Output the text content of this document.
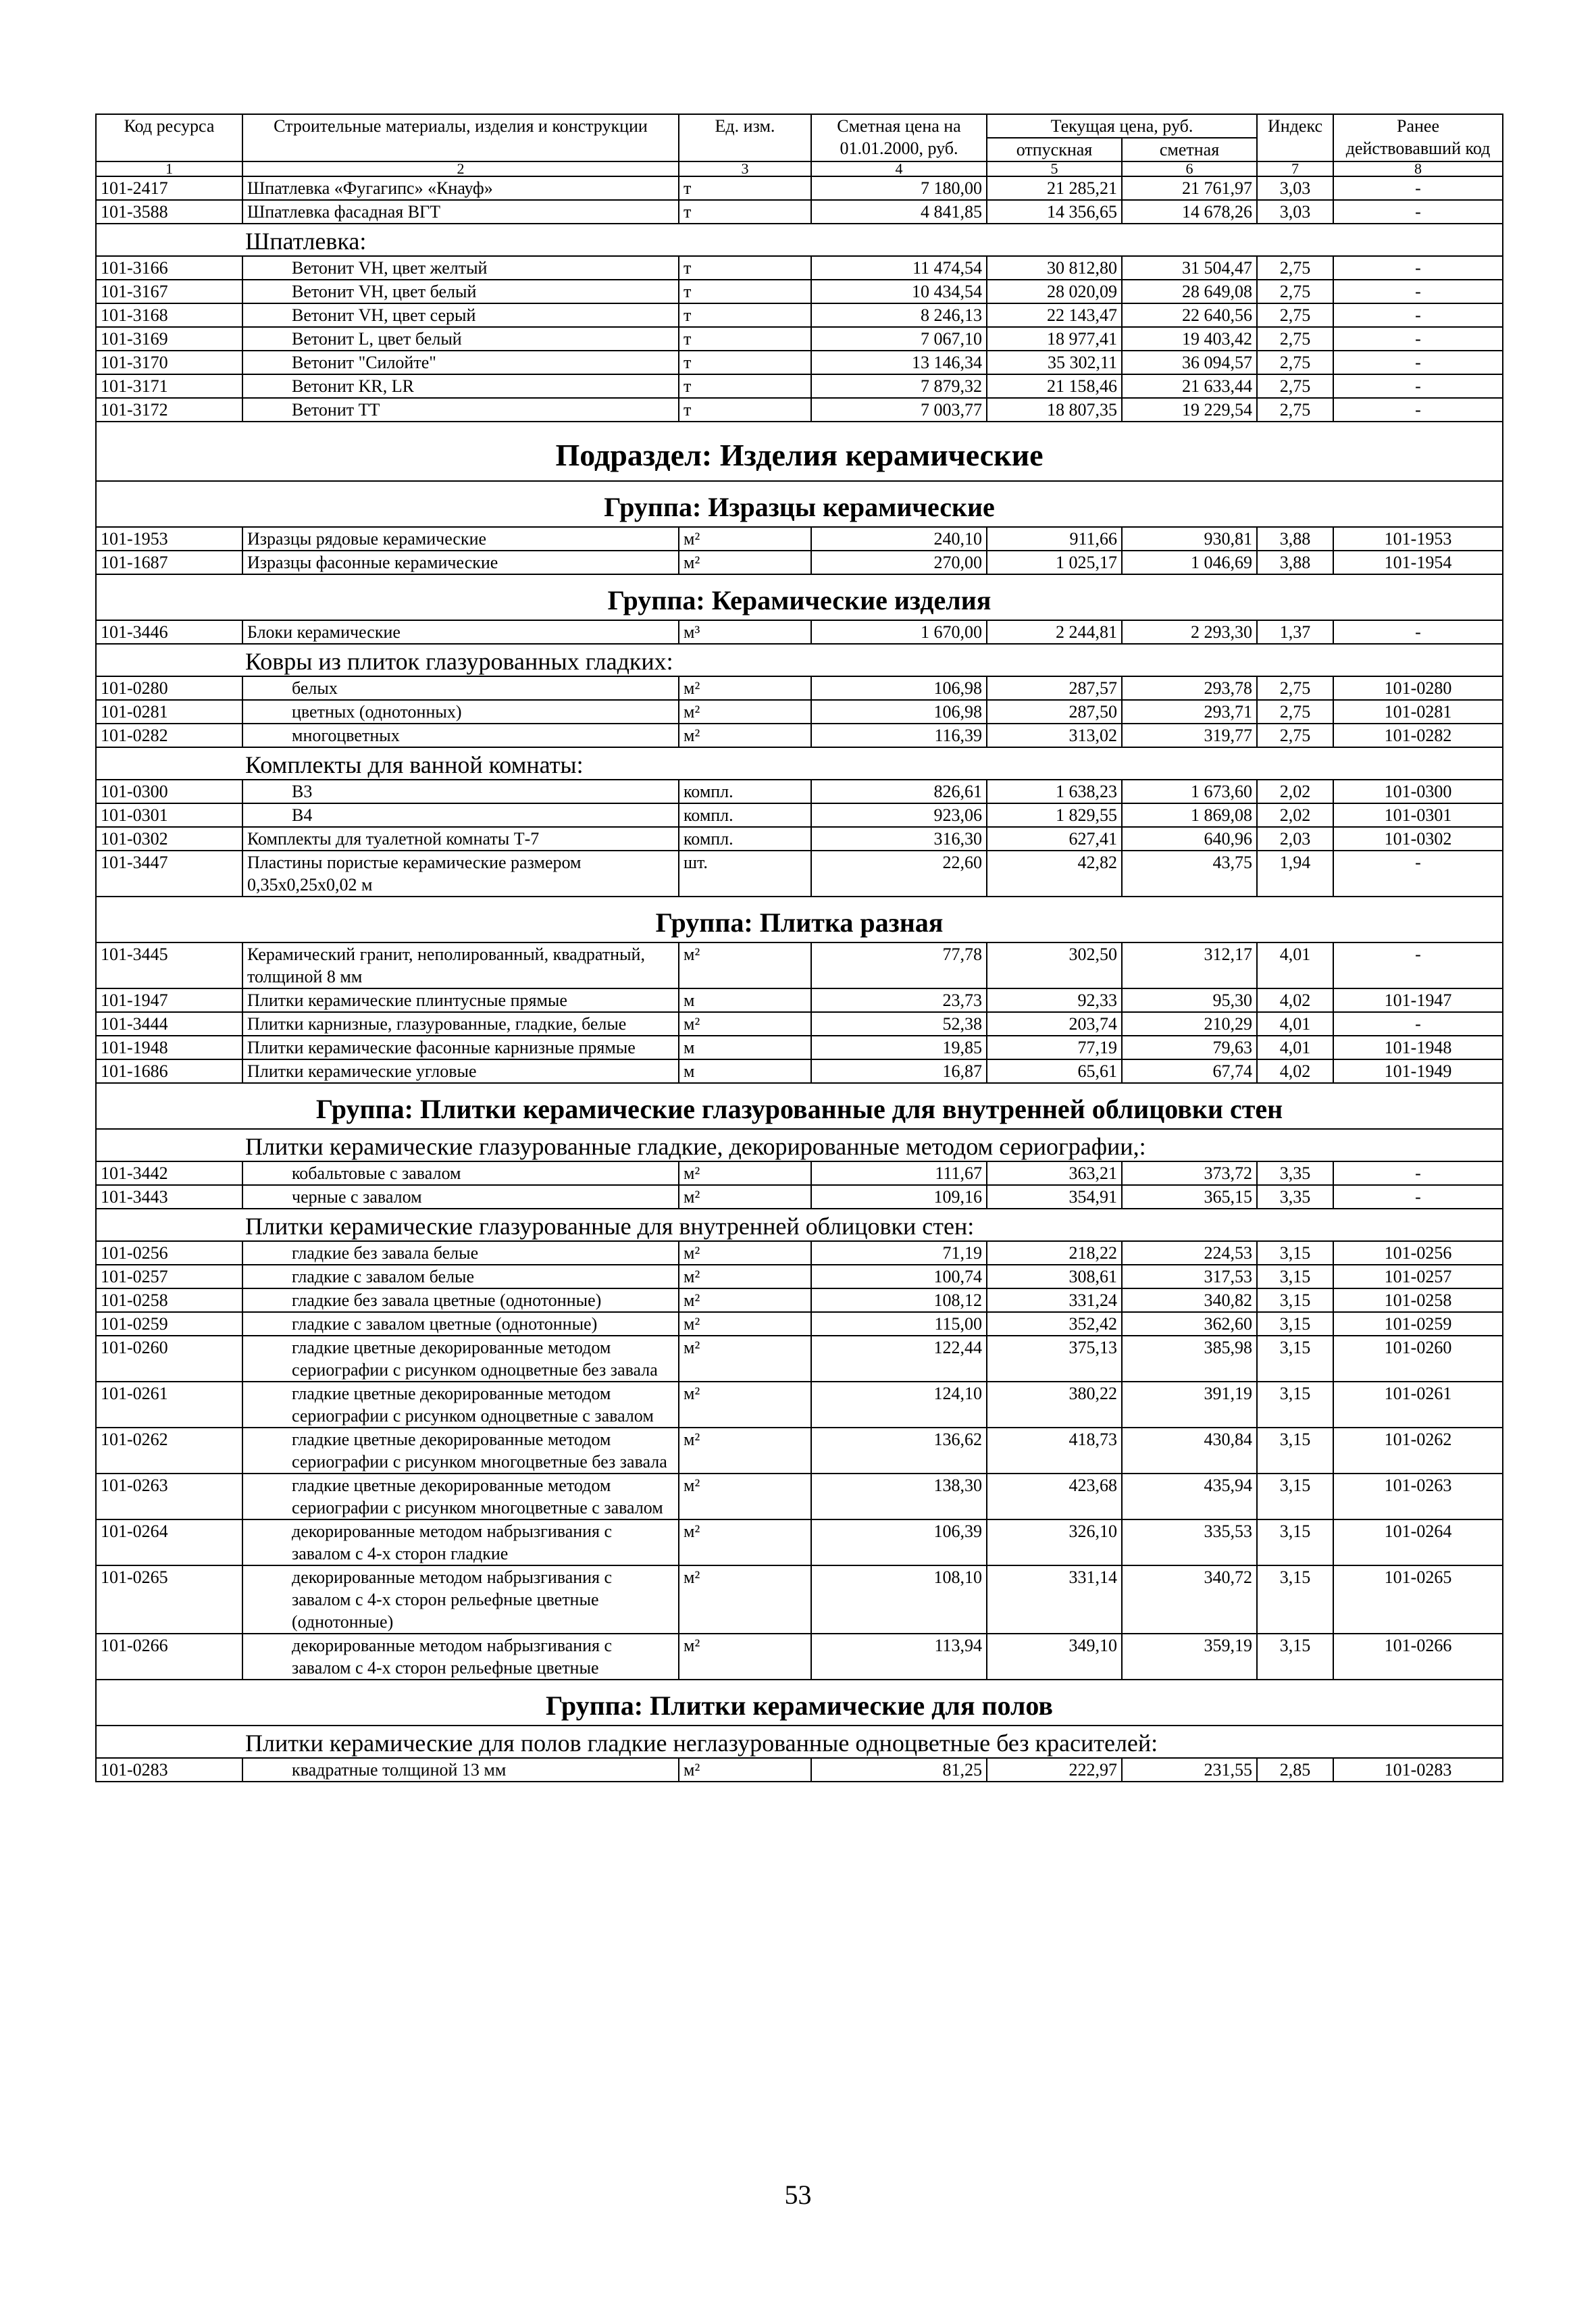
Код ресурса	Строительные материалы, изделия и конструкции	Ед. изм.	Сметная цена на 01.01.2000, руб.	Текущая цена, руб.		Индекс	Ранее действовавший код
				отпускная	сметная		
1	2	3	4	5	6	7	8
101-2417	Шпатлевка «Фугагипс» «Кнауф»	т	7 180,00	21 285,21	21 761,97	3,03	-
101-3588	Шпатлевка фасадная ВГТ	т	4 841,85	14 356,65	14 678,26	3,03	-
Шпатлевка:							
101-3166	Ветонит VH, цвет желтый	т	11 474,54	30 812,80	31 504,47	2,75	-
101-3167	Ветонит VH, цвет белый	т	10 434,54	28 020,09	28 649,08	2,75	-
101-3168	Ветонит VH, цвет серый	т	8 246,13	22 143,47	22 640,56	2,75	-
101-3169	Ветонит L, цвет белый	т	7 067,10	18 977,41	19 403,42	2,75	-
101-3170	Ветонит "Силойте"	т	13 146,34	35 302,11	36 094,57	2,75	-
101-3171	Ветонит KR, LR	т	7 879,32	21 158,46	21 633,44	2,75	-
101-3172	Ветонит ТТ	т	7 003,77	18 807,35	19 229,54	2,75	-
Подраздел: Изделия керамические							
Группа: Изразцы керамические							
101-1953	Изразцы рядовые керамические	м²	240,10	911,66	930,81	3,88	101-1953
101-1687	Изразцы фасонные керамические	м²	270,00	1 025,17	1 046,69	3,88	101-1954
Группа: Керамические изделия							
101-3446	Блоки керамические	м³	1 670,00	2 244,81	2 293,30	1,37	-
Ковры из плиток глазурованных гладких:							
101-0280	белых	м²	106,98	287,57	293,78	2,75	101-0280
101-0281	цветных (однотонных)	м²	106,98	287,50	293,71	2,75	101-0281
101-0282	многоцветных	м²	116,39	313,02	319,77	2,75	101-0282
Комплекты для ванной комнаты:							
101-0300	В3	компл.	826,61	1 638,23	1 673,60	2,02	101-0300
101-0301	В4	компл.	923,06	1 829,55	1 869,08	2,02	101-0301
101-0302	Комплекты для туалетной комнаты Т-7	компл.	316,30	627,41	640,96	2,03	101-0302
101-3447	Пластины пористые керамические размером 0,35х0,25х0,02 м	шт.	22,60	42,82	43,75	1,94	-
Группа: Плитка разная							
101-3445	Керамический гранит, неполированный, квадратный, толщиной 8 мм	м²	77,78	302,50	312,17	4,01	-
101-1947	Плитки керамические плинтусные прямые	м	23,73	92,33	95,30	4,02	101-1947
101-3444	Плитки карнизные, глазурованные, гладкие, белые	м²	52,38	203,74	210,29	4,01	-
101-1948	Плитки керамические фасонные карнизные прямые	м	19,85	77,19	79,63	4,01	101-1948
101-1686	Плитки керамические угловые	м	16,87	65,61	67,74	4,02	101-1949
Группа: Плитки керамические глазурованные для внутренней облицовки стен							
Плитки керамические глазурованные гладкие, декорированные методом сериографии,:							
101-3442	кобальтовые с завалом	м²	111,67	363,21	373,72	3,35	-
101-3443	черные с завалом	м²	109,16	354,91	365,15	3,35	-
Плитки керамические глазурованные для внутренней облицовки стен:							
101-0256	гладкие без завала белые	м²	71,19	218,22	224,53	3,15	101-0256
101-0257	гладкие с завалом белые	м²	100,74	308,61	317,53	3,15	101-0257
101-0258	гладкие без завала цветные (однотонные)	м²	108,12	331,24	340,82	3,15	101-0258
101-0259	гладкие с завалом цветные (однотонные)	м²	115,00	352,42	362,60	3,15	101-0259
101-0260	гладкие цветные декорированные методом сериографии с рисунком одноцветные без завала	м²	122,44	375,13	385,98	3,15	101-0260
101-0261	гладкие цветные декорированные методом сериографии с рисунком одноцветные с завалом	м²	124,10	380,22	391,19	3,15	101-0261
101-0262	гладкие цветные декорированные методом сериографии с рисунком многоцветные без завала	м²	136,62	418,73	430,84	3,15	101-0262
101-0263	гладкие цветные декорированные методом сериографии с рисунком многоцветные с завалом	м²	138,30	423,68	435,94	3,15	101-0263
101-0264	декорированные методом набрызгивания с завалом с 4-х сторон гладкие	м²	106,39	326,10	335,53	3,15	101-0264
101-0265	декорированные методом набрызгивания с завалом с 4-х сторон рельефные цветные (однотонные)	м²	108,10	331,14	340,72	3,15	101-0265
101-0266	декорированные методом набрызгивания с завалом с 4-х сторон рельефные цветные	м²	113,94	349,10	359,19	3,15	101-0266
Группа: Плитки керамические для полов							
Плитки керамические для полов гладкие неглазурованные одноцветные без красителей:							
101-0283	квадратные толщиной 13 мм	м²	81,25	222,97	231,55	2,85	101-0283
53
